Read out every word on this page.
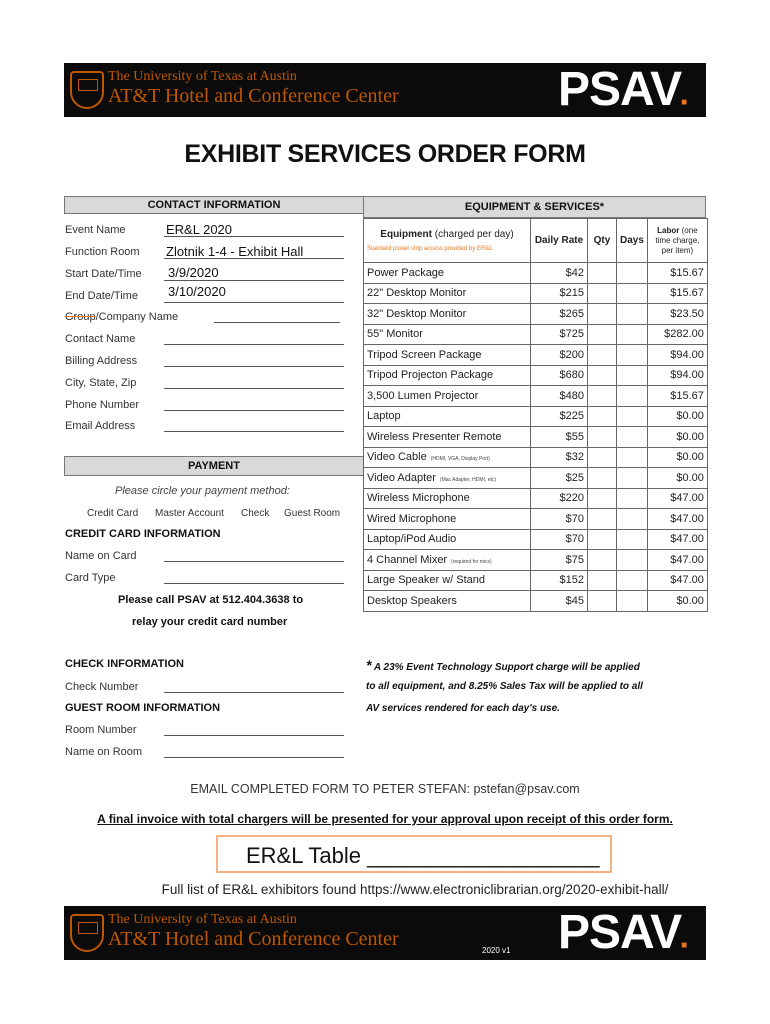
The University of Texas at Austin
AT&T Hotel and Conference Center	PSAV■
EXHIBIT SERVICES ORDER FORM
CONTACT INFORMATION	EQUIPMENT & SERVICES*
Event Name	ER&L 2020
Function Room Zlotnik 1-4 - Exhibit Hall
Start Date/Time 3/9/2020
End Date/Time 3/10/2020
Group/Company Name
Contact Name
Billing Address
City, State, Zip
Phone Number
Email Address
PAYMENT
Please circle your payment method:
Credit Card Master Account Check Guest Room
CREDIT CARD INFORMATION
Name on Card
Card Type
Please call PSAV at 512.404.3638 to
relay your credit card number
CHECK INFORMATION
Check Number
GUEST ROOM INFORMATION
Room Number
Name on Room
Equipment (charged per day)
Standard power strip access provided by ER&L	Daily Rate	Qty	Days	Labor (one time charge, per item)

Power Package	$42			$15.67
22" Desktop Monitor	$215			$15.67
32" Desktop Monitor	$265			$23.50
55" Monitor	$725			$282.00
Tripod Screen Package	$200			$94.00
Tripod Projecton Package	$680			$94.00
3,500 Lumen Projector	$480			$15.67
Laptop	$225			$0.00
Wireless Presenter Remote	$55			$0.00
Video Cable (HDMI, VGA, Display Port)	$32			$0.00
Video Adapter (Mac Adapter, HDMI, etc)	$25			$0.00
Wireless Microphone	$220			$47.00
Wired Microphone	$70			$47.00
Laptop/iPod Audio	$70			$47.00
4 Channel Mixer (required for mics)	$75			$47.00
Large Speaker w/ Stand	$152			$47.00
Desktop Speakers	$45			$0.00
* A 23% Event Technology Support charge will be applied
to all equipment, and 8.25% Sales Tax will be applied to all
AV services rendered for each day's use.
EMAIL COMPLETED FORM TO PETER STEFAN: pstefan@psav.com
A final invoice with total chargers will be presented for your approval upon receipt of this order form.
ER&L Table ___________________
Full list of ER&L exhibitors found https://www.electroniclibrarian.org/2020-exhibit-hall/
The University of Texas at Austin
AT&T Hotel and Conference Center	PSAV■
2020 v1
